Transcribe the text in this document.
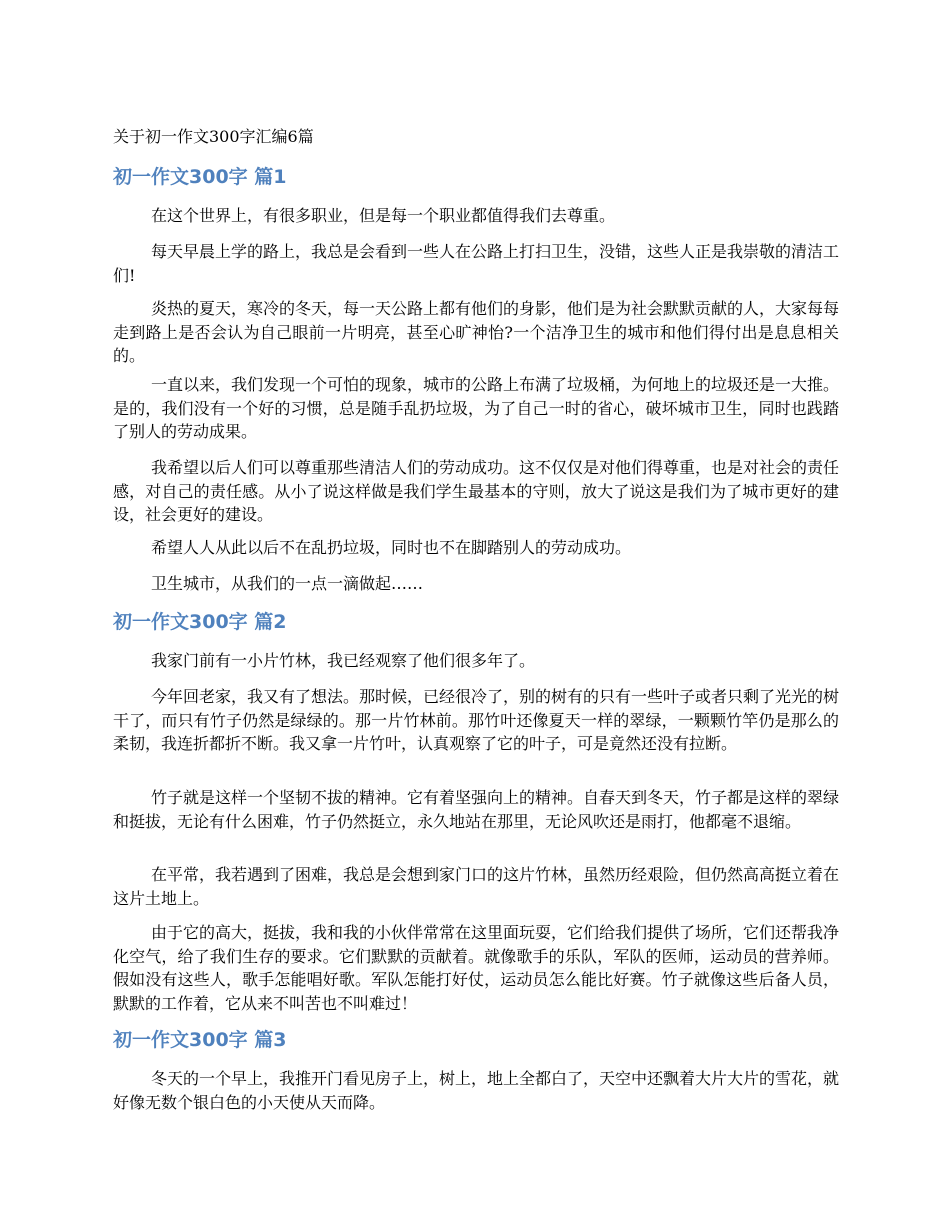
关于初一作文300字汇编6篇
初一作文300字 篇1

在这个世界上，有很多职业，但是每一个职业都值得我们去尊重。

每天早晨上学的路上，我总是会看到一些人在公路上打扫卫生，没错，这些人正是我崇敬的清洁工们!

炎热的夏天，寒冷的冬天，每一天公路上都有他们的身影，他们是为社会默默贡献的人，大家每每走到路上是否会认为自己眼前一片明亮，甚至心旷神怡?一个洁净卫生的城市和他们得付出是息息相关的。

一直以来，我们发现一个可怕的现象，城市的公路上布满了垃圾桶，为何地上的垃圾还是一大推。是的，我们没有一个好的习惯，总是随手乱扔垃圾，为了自己一时的省心，破坏城市卫生，同时也践踏了别人的劳动成果。

我希望以后人们可以尊重那些清洁人们的劳动成功。这不仅仅是对他们得尊重，也是对社会的责任感，对自己的责任感。从小了说这样做是我们学生最基本的守则，放大了说这是我们为了城市更好的建设，社会更好的建设。

希望人人从此以后不在乱扔垃圾，同时也不在脚踏别人的劳动成功。

卫生城市，从我们的一点一滴做起……

初一作文300字 篇2

我家门前有一小片竹林，我已经观察了他们很多年了。

今年回老家，我又有了想法。那时候，已经很冷了，别的树有的只有一些叶子或者只剩了光光的树干了，而只有竹子仍然是绿绿的。那一片竹林前。那竹叶还像夏天一样的翠绿，一颗颗竹竿仍是那么的柔韧，我连折都折不断。我又拿一片竹叶，认真观察了它的叶子，可是竟然还没有拉断。

竹子就是这样一个坚韧不拔的精神。它有着坚强向上的精神。自春天到冬天，竹子都是这样的翠绿和挺拔，无论有什么困难，竹子仍然挺立，永久地站在那里，无论风吹还是雨打，他都毫不退缩。

在平常，我若遇到了困难，我总是会想到家门口的这片竹林，虽然历经艰险，但仍然高高挺立着在这片土地上。

由于它的高大，挺拔，我和我的小伙伴常常在这里面玩耍，它们给我们提供了场所，它们还帮我净化空气，给了我们生存的要求。它们默默的贡献着。就像歌手的乐队，军队的医师，运动员的营养师。假如没有这些人，歌手怎能唱好歌。军队怎能打好仗，运动员怎么能比好赛。竹子就像这些后备人员，默默的工作着，它从来不叫苦也不叫难过！

初一作文300字 篇3

冬天的一个早上，我推开门看见房子上，树上，地上全都白了，天空中还飘着大片大片的雪花，就好像无数个银白色的小天使从天而降。
